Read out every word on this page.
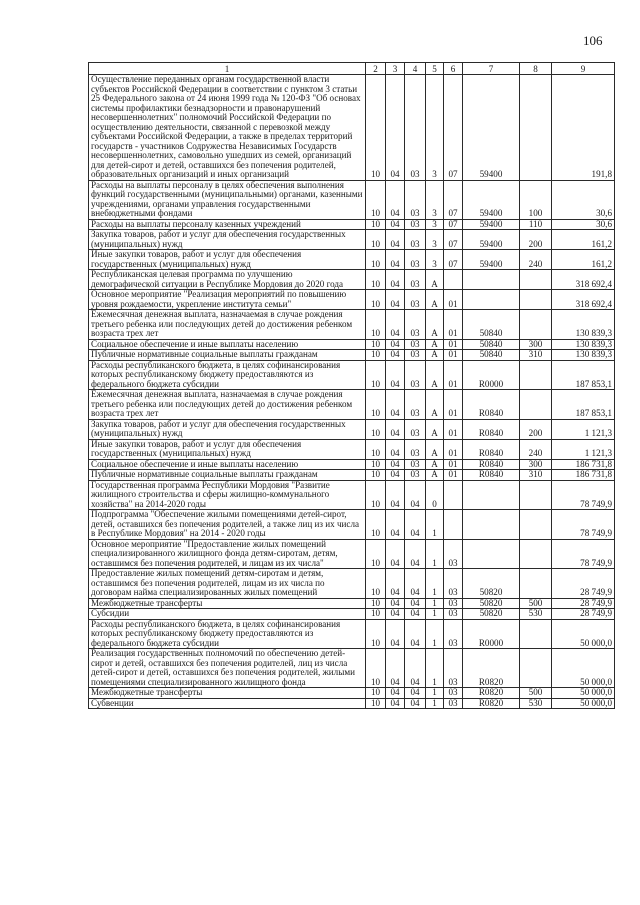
106
1	2	3	4	5	6	7	8	9
Осуществление переданных органам государственной власти субъектов Российской Федерации в соответствии с пунктом 3 статьи 25 Федерального закона от 24 июня 1999 года № 120-ФЗ "Об основах системы профилактики безнадзорности и правонарушений несовершеннолетних" полномочий Российской Федерации по осуществлению деятельности, связанной с перевозкой между субъектами Российской Федерации, а также в пределах территорий государств - участников Содружества Независимых Государств несовершеннолетних, самовольно ушедших из семей, организаций для детей-сирот и детей, оставшихся без попечения родителей, образовательных организаций и иных организаций	10	04	03	3	07	59400		191,8
Расходы на выплаты персоналу в целях обеспечения выполнения функций государственными (муниципальными) органами, казенными учреждениями, органами управления государственными внебюджетными фондами	10	04	03	3	07	59400	100	30,6
Расходы на выплаты персоналу казенных учреждений	10	04	03	3	07	59400	110	30,6
Закупка товаров, работ и услуг для обеспечения государственных (муниципальных) нужд	10	04	03	3	07	59400	200	161,2
Иные закупки товаров, работ и услуг для обеспечения государственных (муниципальных) нужд	10	04	03	3	07	59400	240	161,2
Республиканская целевая программа по улучшению демографической ситуации в Республике Мордовия до 2020 года	10	04	03	А				318 692,4
Основное мероприятие "Реализация мероприятий по повышению уровня рождаемости, укрепление института семьи"	10	04	03	А	01			318 692,4
Ежемесячная денежная выплата, назначаемая в случае рождения третьего ребенка или последующих детей до достижения ребенком возраста трех лет	10	04	03	А	01	50840		130 839,3
Социальное обеспечение и иные выплаты населению	10	04	03	А	01	50840	300	130 839,3
Публичные нормативные социальные выплаты гражданам	10	04	03	А	01	50840	310	130 839,3
Расходы республиканского бюджета, в целях софинансирования которых республиканскому бюджету предоставляются из федерального бюджета субсидии	10	04	03	А	01	R0000		187 853,1
Ежемесячная денежная выплата, назначаемая в случае рождения третьего ребенка или последующих детей до достижения ребенком возраста трех лет	10	04	03	А	01	R0840		187 853,1
Закупка товаров, работ и услуг для обеспечения государственных (муниципальных) нужд	10	04	03	А	01	R0840	200	1 121,3
Иные закупки товаров, работ и услуг для обеспечения государственных (муниципальных) нужд	10	04	03	А	01	R0840	240	1 121,3
Социальное обеспечение и иные выплаты населению	10	04	03	А	01	R0840	300	186 731,8
Публичные нормативные социальные выплаты гражданам	10	04	03	А	01	R0840	310	186 731,8
Государственная программа Республики Мордовия "Развитие жилищного строительства и сферы жилищно-коммунального хозяйства" на 2014-2020 годы	10	04	04	0				78 749,9
Подпрограмма "Обеспечение жилыми помещениями детей-сирот, детей, оставшихся без попечения родителей, а также лиц из их числа в Республике Мордовия" на 2014 - 2020 годы	10	04	04	1				78 749,9
Основное мероприятие "Предоставление жилых помещений специализированного жилищного фонда детям-сиротам, детям, оставшимся без попечения родителей, и лицам из их числа"	10	04	04	1	03			78 749,9
Предоставление жилых помещений детям-сиротам и детям, оставшимся без попечения родителей, лицам из их числа по договорам найма специализированных жилых помещений	10	04	04	1	03	50820		28 749,9
Межбюджетные трансферты	10	04	04	1	03	50820	500	28 749,9
Субсидии	10	04	04	1	03	50820	530	28 749,9
Расходы республиканского бюджета, в целях софинансирования которых республиканскому бюджету предоставляются из федерального бюджета субсидии	10	04	04	1	03	R0000		50 000,0
Реализация государственных полномочий по обеспечению детей-сирот и детей, оставшихся без попечения родителей, лиц из числа детей-сирот и детей, оставшихся без попечения родителей, жилыми помещениями специализированного жилищного фонда	10	04	04	1	03	R0820		50 000,0
Межбюджетные трансферты	10	04	04	1	03	R0820	500	50 000,0
Субвенции	10	04	04	1	03	R0820	530	50 000,0
